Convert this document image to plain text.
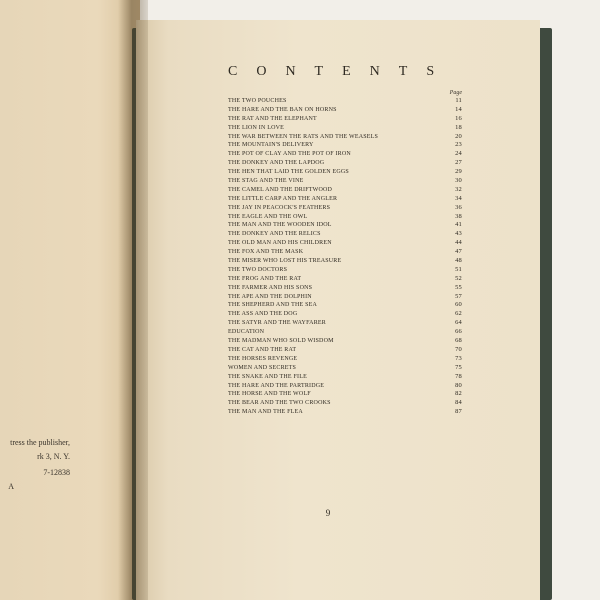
tress the publisher,
rk 3, N. Y.
7-12838
A
CONTENTS
Page
THE TWO POUCHES	11
THE HARE AND THE BAN ON HORNS	14
THE RAT AND THE ELEPHANT	16
THE LION IN LOVE	18
THE WAR BETWEEN THE RATS AND THE WEASELS	20
THE MOUNTAIN'S DELIVERY	23
THE POT OF CLAY AND THE POT OF IRON	24
THE DONKEY AND THE LAPDOG	27
THE HEN THAT LAID THE GOLDEN EGGS	29
THE STAG AND THE VINE	30
THE CAMEL AND THE DRIFTWOOD	32
THE LITTLE CARP AND THE ANGLER	34
THE JAY IN PEACOCK'S FEATHERS	36
THE EAGLE AND THE OWL	38
THE MAN AND THE WOODEN IDOL	41
THE DONKEY AND THE RELICS	43
THE OLD MAN AND HIS CHILDREN	44
THE FOX AND THE MASK	47
THE MISER WHO LOST HIS TREASURE	48
THE TWO DOCTORS	51
THE FROG AND THE RAT	52
THE FARMER AND HIS SONS	55
THE APE AND THE DOLPHIN	57
THE SHEPHERD AND THE SEA	60
THE ASS AND THE DOG	62
THE SATYR AND THE WAYFARER	64
EDUCATION	66
THE MADMAN WHO SOLD WISDOM	68
THE CAT AND THE RAT	70
THE HORSES REVENGE	73
WOMEN AND SECRETS	75
THE SNAKE AND THE FILE	78
THE HARE AND THE PARTRIDGE	80
THE HORSE AND THE WOLF	82
THE BEAR AND THE TWO CROOKS	84
THE MAN AND THE FLEA	87
9
